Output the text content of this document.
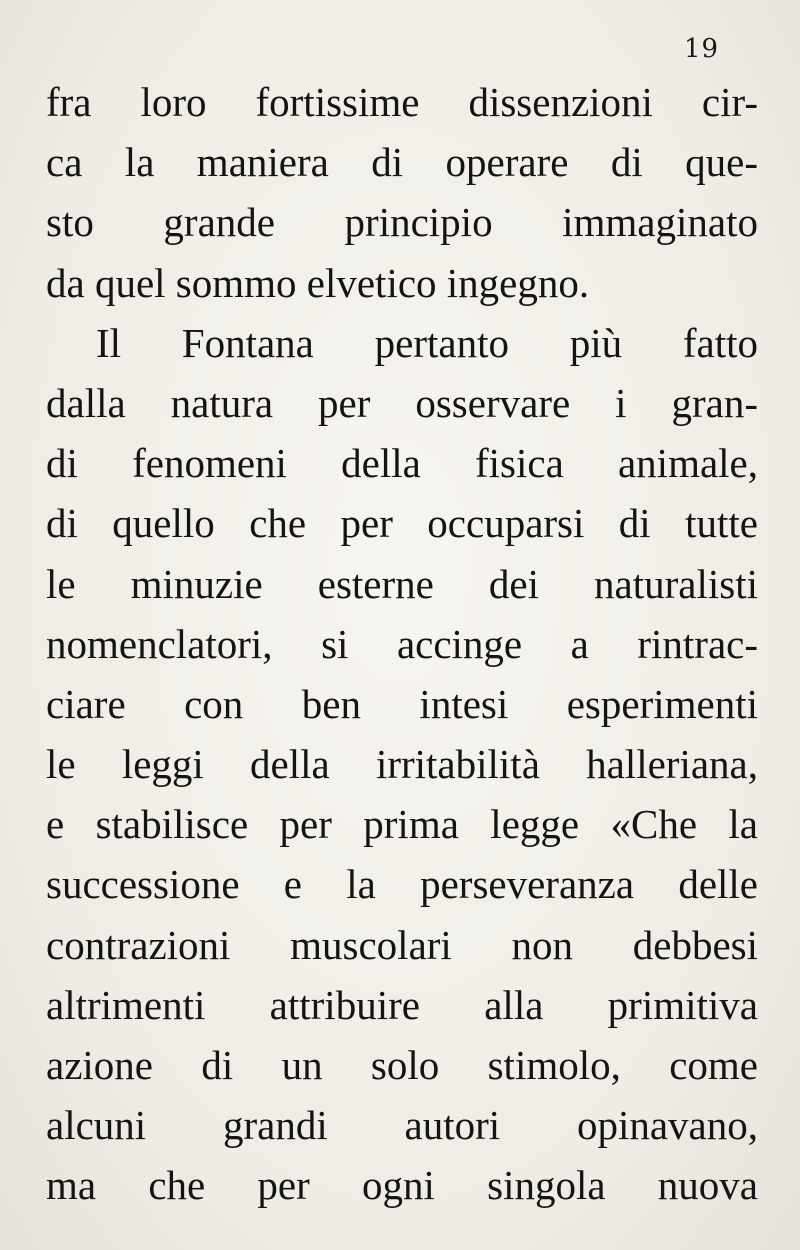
19
fra loro fortissime dissenzioni cir-
ca la maniera di operare di que-
sto grande principio immaginato
da quel sommo elvetico ingegno.
Il Fontana pertanto più fatto
dalla natura per osservare i gran-
di fenomeni della fisica animale,
di quello che per occuparsi di tutte
le minuzie esterne dei naturalisti
nomenclatori, si accinge a rintrac-
ciare con ben intesi esperimenti
le leggi della irritabilità halleriana,
e stabilisce per prima legge «Che la
successione e la perseveranza delle
contrazioni muscolari non debbesi
altrimenti attribuire alla primitiva
azione di un solo stimolo, come
alcuni grandi autori opinavano,
ma che per ogni singola nuova
